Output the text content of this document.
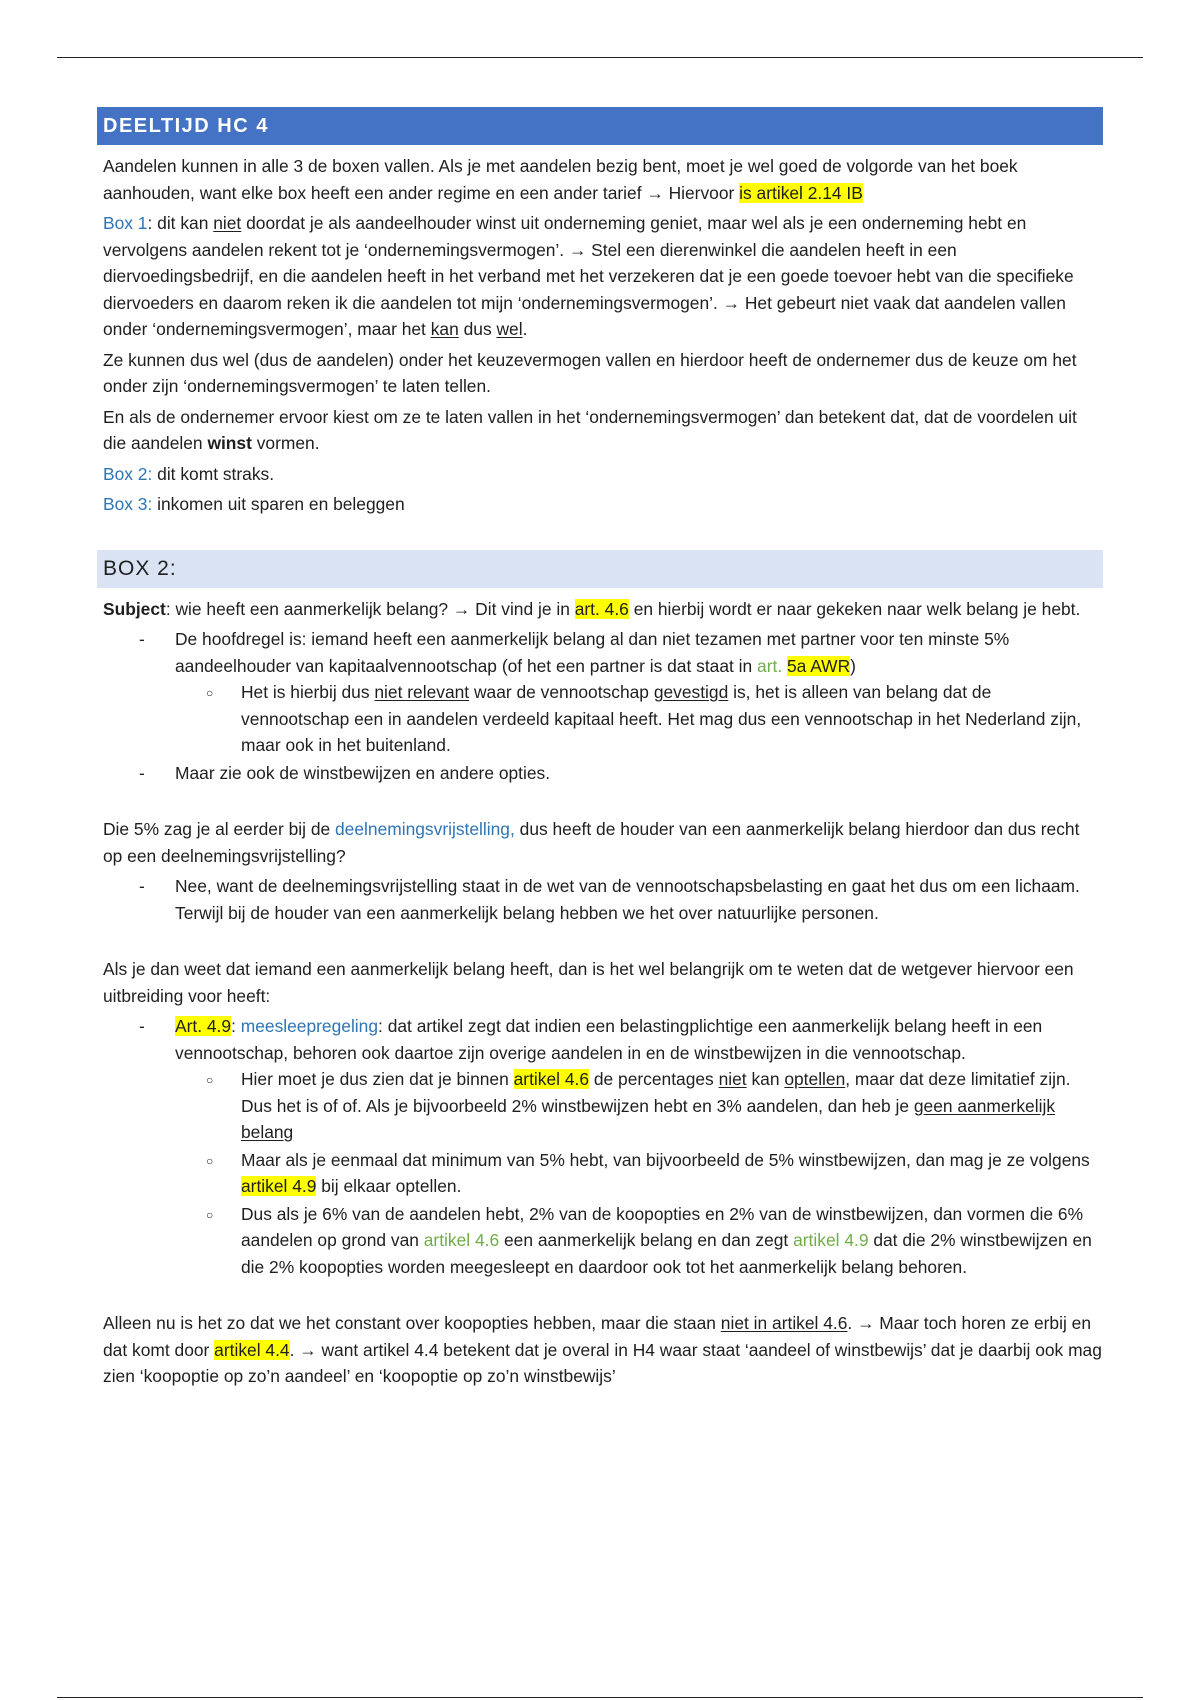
DEELTIJD HC 4

Aandelen kunnen in alle 3 de boxen vallen. Als je met aandelen bezig bent, moet je wel goed de volgorde van het boek aanhouden, want elke box heeft een ander regime en een ander tarief → Hiervoor is artikel 2.14 IB

Box 1: dit kan niet doordat je als aandeelhouder winst uit onderneming geniet, maar wel als je een onderneming hebt en vervolgens aandelen rekent tot je ‘ondernemingsvermogen’. → Stel een dierenwinkel die aandelen heeft in een diervoedingsbedrijf, en die aandelen heeft in het verband met het verzekeren dat je een goede toevoer hebt van die specifieke diervoeders en daarom reken ik die aandelen tot mijn ‘ondernemingsvermogen’. → Het gebeurt niet vaak dat aandelen vallen onder ‘ondernemingsvermogen’, maar het kan dus wel.

Ze kunnen dus wel (dus de aandelen) onder het keuzevermogen vallen en hierdoor heeft de ondernemer dus de keuze om het onder zijn ‘ondernemingsvermogen’ te laten tellen.

En als de ondernemer ervoor kiest om ze te laten vallen in het ‘ondernemingsvermogen’ dan betekent dat, dat de voordelen uit die aandelen winst vormen.

Box 2: dit komt straks.

Box 3: inkomen uit sparen en beleggen

BOX 2:

Subject: wie heeft een aanmerkelijk belang? → Dit vind je in art. 4.6 en hierbij wordt er naar gekeken naar welk belang je hebt.

- De hoofdregel is: iemand heeft een aanmerkelijk belang al dan niet tezamen met partner voor ten minste 5% aandeelhouder van kapitaalvennootschap (of het een partner is dat staat in art. 5a AWR)
○ Het is hierbij dus niet relevant waar de vennootschap gevestigd is, het is alleen van belang dat de vennootschap een in aandelen verdeeld kapitaal heeft. Het mag dus een vennootschap in het Nederland zijn, maar ook in het buitenland.
- Maar zie ook de winstbewijzen en andere opties.

Die 5% zag je al eerder bij de deelnemingsvrijstelling, dus heeft de houder van een aanmerkelijk belang hierdoor dan dus recht op een deelnemingsvrijstelling?

- Nee, want de deelnemingsvrijstelling staat in de wet van de vennootschapsbelasting en gaat het dus om een lichaam. Terwijl bij de houder van een aanmerkelijk belang hebben we het over natuurlijke personen.

Als je dan weet dat iemand een aanmerkelijk belang heeft, dan is het wel belangrijk om te weten dat de wetgever hiervoor een uitbreiding voor heeft:

- Art. 4.9: meesleepregeling: dat artikel zegt dat indien een belastingplichtige een aanmerkelijk belang heeft in een vennootschap, behoren ook daartoe zijn overige aandelen in en de winstbewijzen in die vennootschap.
○ Hier moet je dus zien dat je binnen artikel 4.6 de percentages niet kan optellen, maar dat deze limitatief zijn. Dus het is of of. Als je bijvoorbeeld 2% winstbewijzen hebt en 3% aandelen, dan heb je geen aanmerkelijk belang
○ Maar als je eenmaal dat minimum van 5% hebt, van bijvoorbeeld de 5% winstbewijzen, dan mag je ze volgens artikel 4.9 bij elkaar optellen.
○ Dus als je 6% van de aandelen hebt, 2% van de koopopties en 2% van de winstbewijzen, dan vormen die 6% aandelen op grond van artikel 4.6 een aanmerkelijk belang en dan zegt artikel 4.9 dat die 2% winstbewijzen en die 2% koopopties worden meegesleept en daardoor ook tot het aanmerkelijk belang behoren.

Alleen nu is het zo dat we het constant over koopopties hebben, maar die staan niet in artikel 4.6. → Maar toch horen ze erbij en dat komt door artikel 4.4. → want artikel 4.4 betekent dat je overal in H4 waar staat ‘aandeel of winstbewijs’ dat je daarbij ook mag zien ‘koopoptie op zo’n aandeel’ en ‘koopoptie op zo’n winstbewijs’
